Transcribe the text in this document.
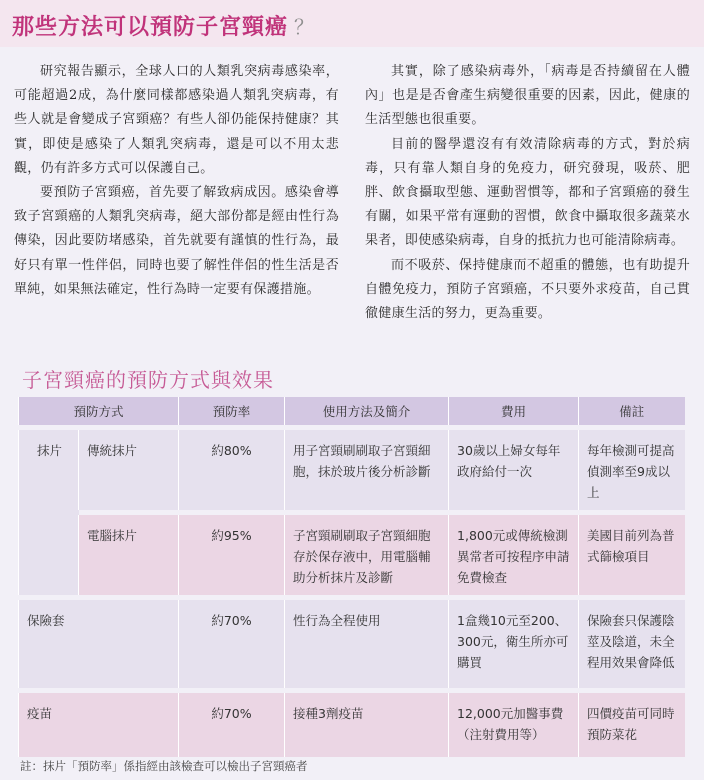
那些方法可以預防子宮頸癌 ？

研究報告顯示，全球人口的人類乳突病毒感染率，可能超過2成，為什麼同樣都感染過人類乳突病毒，有些人就是會變成子宮頸癌？有些人卻仍能保持健康？其實，即使是感染了人類乳突病毒，還是可以不用太悲觀，仍有許多方式可以保護自己。

要預防子宮頸癌，首先要了解致病成因。感染會導致子宮頸癌的人類乳突病毒，絕大部份都是經由性行為傳染，因此要防堵感染，首先就要有謹慎的性行為，最好只有單一性伴侶，同時也要了解性伴侶的性生活是否單純，如果無法確定，性行為時一定要有保護措施。

其實，除了感染病毒外，「病毒是否持續留在人體內」也是是否會產生病變很重要的因素，因此，健康的生活型態也很重要。

目前的醫學還沒有有效清除病毒的方式，對於病毒，只有靠人類自身的免疫力，研究發現，吸菸、肥胖、飲食攝取型態、運動習慣等，都和子宮頸癌的發生有關，如果平常有運動的習慣，飲食中攝取很多蔬菜水果者，即使感染病毒，自身的抵抗力也可能清除病毒。

而不吸菸、保持健康而不超重的體態，也有助提升自體免疫力，預防子宮頸癌，不只要外求疫苗，自己貫徹健康生活的努力，更為重要。

子宮頸癌的預防方式與效果
預防方式		預防率	使用方法及簡介	費用	備註

抹片	傳統抹片	約80%	用子宮頸刷刷取子宮頸細胞，抹於玻片後分析診斷	30歲以上婦女每年政府給付一次	每年檢測可提高偵測率至9成以上

	電腦抹片	約95%	子宮頸刷刷取子宮頸細胞存於保存液中，用電腦輔助分析抹片及診斷	1,800元或傳統檢測異常者可按程序申請免費檢查	美國目前列為普式篩檢項目

保險套		約70%	性行為全程使用	1盒幾10元至200、300元，衛生所亦可購買	保險套只保護陰莖及陰道，未全程用效果會降低

疫苗		約70%	接種3劑疫苗	12,000元加醫事費（注射費用等）	四價疫苗可同時預防菜花

註：抹片「預防率」係指經由該檢查可以檢出子宮頸癌者
